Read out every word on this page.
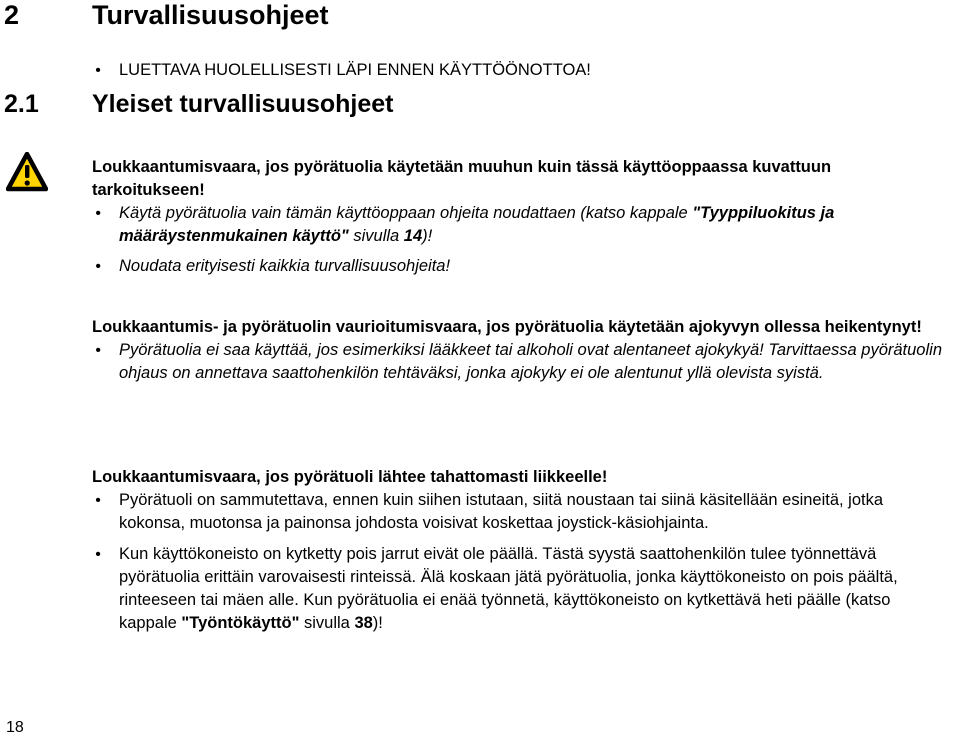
2	Turvallisuusohjeet
•
LUETTAVA HUOLELLISESTI LÄPI ENNEN KÄYTTÖÖNOTTOA!
2.1 Yleiset turvallisuusohjeet
Loukkaantumisvaara, jos pyörätuolia käytetään muuhun kuin tässä käyttöoppaassa kuvattuun tarkoitukseen!
•
Käytä pyörätuolia vain tämän käyttöoppaan ohjeita noudattaen (katso kappale "Tyyppiluokitus ja määräystenmukainen käyttö" sivulla 14)!
•
Noudata erityisesti kaikkia turvallisuusohjeita!
Loukkaantumis- ja pyörätuolin vaurioitumisvaara, jos pyörätuolia käytetään ajokyvyn ollessa heikentynyt!
•
Pyörätuolia ei saa käyttää, jos esimerkiksi lääkkeet tai alkoholi ovat alentaneet ajokykyä! Tarvittaessa pyörätuolin ohjaus on annettava saattohenkilön tehtäväksi, jonka ajokyky ei ole alentunut yllä olevista syistä.
Loukkaantumisvaara, jos pyörätuoli lähtee tahattomasti liikkeelle!
•
Pyörätuoli on sammutettava, ennen kuin siihen istutaan, siitä noustaan tai siinä käsitellään esineitä, jotka kokonsa, muotonsa ja painonsa johdosta voisivat koskettaa joystick-käsiohjainta.
•
Kun käyttökoneisto on kytketty pois jarrut eivät ole päällä. Tästä syystä saattohenkilön tulee työnnettävä pyörätuolia erittäin varovaisesti rinteissä. Älä koskaan jätä pyörätuolia, jonka käyttökoneisto on pois päältä, rinteeseen tai mäen alle. Kun pyörätuolia ei enää työnnetä, käyttökoneisto on kytkettävä heti päälle (katso kappale "Työntökäyttö" sivulla 38)!
18
